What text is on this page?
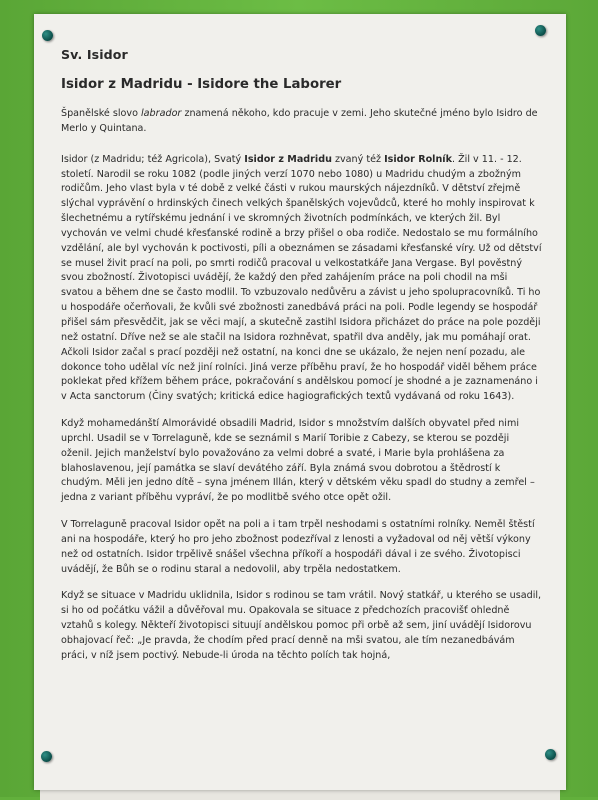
Sv. Isidor
Isidor z Madridu - Isidore the Laborer

Španělské slovo labrador znamená někoho, kdo pracuje v zemi. Jeho skutečné jméno bylo Isidro de Merlo y Quintana.

Isidor (z Madridu; též Agricola), Svatý Isidor z Madridu zvaný též Isidor Rolník. Žil v 11. - 12. století. Narodil se roku 1082 (podle jiných verzí 1070 nebo 1080) u Madridu chudým a zbožným rodičům. Jeho vlast byla v té době z velké části v rukou maurských nájezdníků. V dětství zřejmě slýchal vyprávění o hrdinských činech velkých španělských vojevůdců, které ho mohly inspirovat k šlechetnému a rytířskému jednání i ve skromných životních podmínkách, ve kterých žil. Byl vychován ve velmi chudé křesťanské rodině a brzy přišel o oba rodiče. Nedostalo se mu formálního vzdělání, ale byl vychován k poctivosti, píli a obeznámen se zásadami křesťanské víry. Už od dětství se musel živit prací na poli, po smrti rodičů pracoval u velkostatkáře Jana Vergase. Byl pověstný svou zbožností. Životopisci uvádějí, že každý den před zahájením práce na poli chodil na mši svatou a během dne se často modlil. To vzbuzovalo nedůvěru a závist u jeho spolupracovníků. Ti ho u hospodáře očerňovali, že kvůli své zbožnosti zanedbává práci na poli. Podle legendy se hospodář přišel sám přesvědčit, jak se věci mají, a skutečně zastihl Isidora přicházet do práce na pole později než ostatní. Dříve než se ale stačil na Isidora rozhněvat, spatřil dva anděly, jak mu pomáhají orat. Ačkoli Isidor začal s prací později než ostatní, na konci dne se ukázalo, že nejen není pozadu, ale dokonce toho udělal víc než jiní rolníci. Jiná verze příběhu praví, že ho hospodář viděl během práce poklekat před křížem během práce, pokračování s andělskou pomocí je shodné a je zaznamenáno i v Acta sanctorum (Činy svatých; kritická edice hagiografických textů vydávaná od roku 1643).

Když mohamedánští Almorávidé obsadili Madrid, Isidor s množstvím dalších obyvatel před nimi uprchl. Usadil se v Torrelaguně, kde se seznámil s Marií Toribie z Cabezy, se kterou se později oženil. Jejich manželství bylo považováno za velmi dobré a svaté, i Marie byla prohlášena za blahoslavenou, její památka se slaví devátého září. Byla známá svou dobrotou a štědrostí k chudým. Měli jen jedno dítě – syna jménem Illán, který v dětském věku spadl do studny a zemřel – jedna z variant příběhu vypráví, že po modlitbě svého otce opět ožil.

V Torrelaguně pracoval Isidor opět na poli a i tam trpěl neshodami s ostatními rolníky. Neměl štěstí ani na hospodáře, který ho pro jeho zbožnost podezříval z lenosti a vyžadoval od něj větší výkony než od ostatních. Isidor trpělivě snášel všechna příkoří a hospodáři dával i ze svého. Životopisci uvádějí, že Bůh se o rodinu staral a nedovolil, aby trpěla nedostatkem.

Když se situace v Madridu uklidnila, Isidor s rodinou se tam vrátil. Nový statkář, u kterého se usadil, si ho od počátku vážil a důvěřoval mu. Opakovala se situace z předchozích pracovišť ohledně vztahů s kolegy. Někteří životopisci situují andělskou pomoc při orbě až sem, jiní uvádějí Isidorovu obhajovací řeč: „Je pravda, že chodím před prací denně na mši svatou, ale tím nezanedbávám práci, v níž jsem poctivý. Nebude-li úroda na těchto polích tak hojná,
